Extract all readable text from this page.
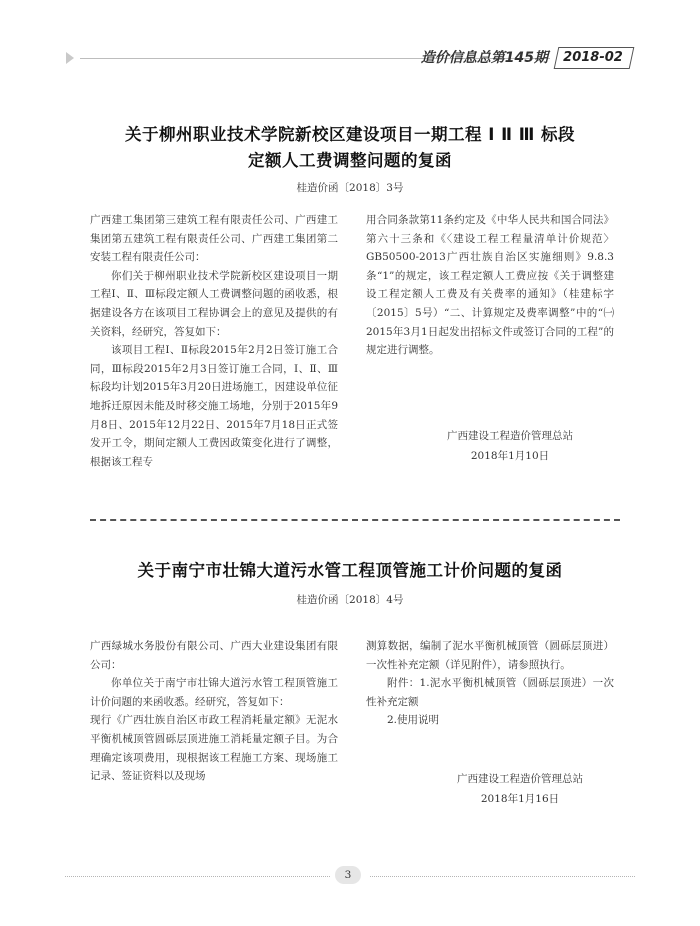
造价信息总第145期	2018-02
关于柳州职业技术学院新校区建设项目一期工程 Ⅰ Ⅱ Ⅲ 标段
定额人工费调整问题的复函
桂造价函〔2018〕3号

广西建工集团第三建筑工程有限责任公司、广西建工集团第五建筑工程有限责任公司、广西建工集团第二安装工程有限责任公司：

你们关于柳州职业技术学院新校区建设项目一期工程Ⅰ、Ⅱ、Ⅲ标段定额人工费调整问题的函收悉，根据建设各方在该项目工程协调会上的意见及提供的有关资料，经研究，答复如下：

该项目工程Ⅰ、Ⅱ标段2015年2月2日签订施工合同，Ⅲ标段2015年2月3日签订施工合同，Ⅰ、Ⅱ、Ⅲ标段均计划2015年3月20日进场施工，因建设单位征地拆迁原因未能及时移交施工场地，分别于2015年9月8日、2015年12月22日、2015年7月18日正式签发开工令，期间定额人工费因政策变化进行了调整，根据该工程专

用合同条款第11条约定及《中华人民共和国合同法》第六十三条和《〈建设工程工程量清单计价规范〉GB50500-2013广西壮族自治区实施细则》9.8.3条“1”的规定，该工程定额人工费应按《关于调整建设工程定额人工费及有关费率的通知》（桂建标字〔2015〕5号）“二、计算规定及费率调整”中的“㈠2015年3月1日起发出招标文件或签订合同的工程”的规定进行调整。

广西建设工程造价管理总站
2018年1月10日
关于南宁市壮锦大道污水管工程顶管施工计价问题的复函
桂造价函〔2018〕4号

广西绿城水务股份有限公司、广西大业建设集团有限公司：

你单位关于南宁市壮锦大道污水管工程顶管施工计价问题的来函收悉。经研究，答复如下：

现行《广西壮族自治区市政工程消耗量定额》无泥水平衡机械顶管圆砾层顶进施工消耗量定额子目。为合理确定该项费用，现根据该工程施工方案、现场施工记录、签证资料以及现场

测算数据，编制了泥水平衡机械顶管（圆砾层顶进）一次性补充定额（详见附件），请参照执行。

附件：1.泥水平衡机械顶管（圆砾层顶进）一次性补充定额

2.使用说明

广西建设工程造价管理总站
2018年1月16日
3
